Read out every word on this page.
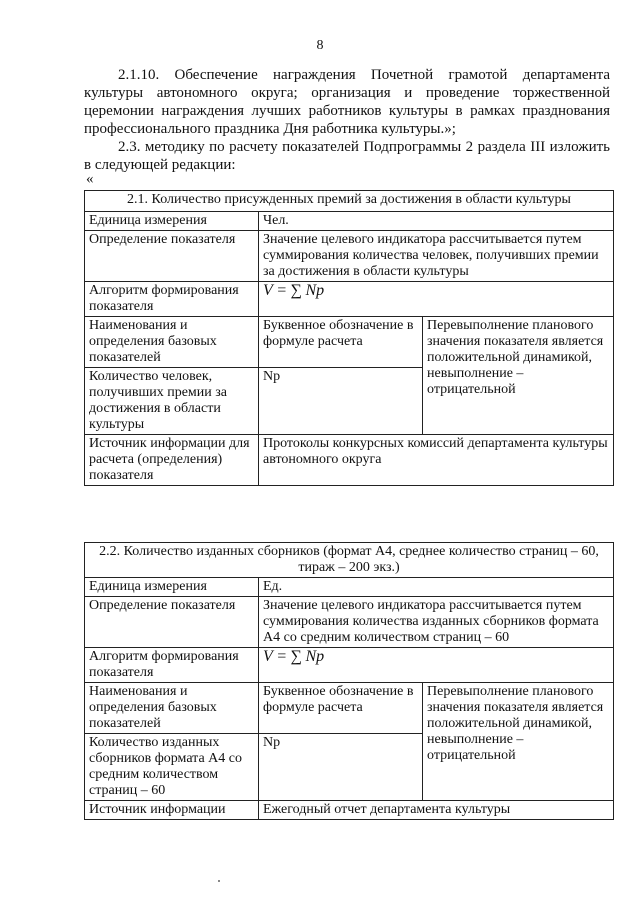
8

2.1.10. Обеспечение награждения Почетной грамотой департамента культуры автономного округа; организация и проведение торжественной церемонии награждения лучших работников культуры в рамках празднования профессионального праздника Дня работника культуры.»;

2.3. методику по расчету показателей Подпрограммы 2 раздела III изложить в следующей редакции:

«
2.1. Количество присужденных премий за достижения в области культуры		
Единица измерения	Чел.	
Определение показателя	Значение целевого индикатора рассчитывается путем суммирования количества человек, получивших премии за достижения в области культуры	
Алгоритм формирования показателя	V = ∑ Np	
Наименования и определения базовых показателей	Буквенное обозначение в формуле расчета	Перевыполнение планового значения показателя является положительной динамикой, невыполнение – отрицательной
Количество человек, получивших премии за достижения в области культуры	Np	
Источник информации для расчета (определения) показателя	Протоколы конкурсных комиссий департамента культуры автономного округа	
2.2. Количество изданных сборников (формат А4, среднее количество страниц – 60, тираж – 200 экз.)		
Единица измерения	Ед.	
Определение показателя	Значение целевого индикатора рассчитывается путем суммирования количества изданных сборников формата А4 со средним количеством страниц – 60	
Алгоритм формирования показателя	V = ∑ Np	
Наименования и определения базовых показателей	Буквенное обозначение в формуле расчета	Перевыполнение планового значения показателя является положительной динамикой, невыполнение – отрицательной
Количество изданных сборников формата А4 со средним количеством страниц – 60	Np	
Источник информации	Ежегодный отчет департамента культуры	
